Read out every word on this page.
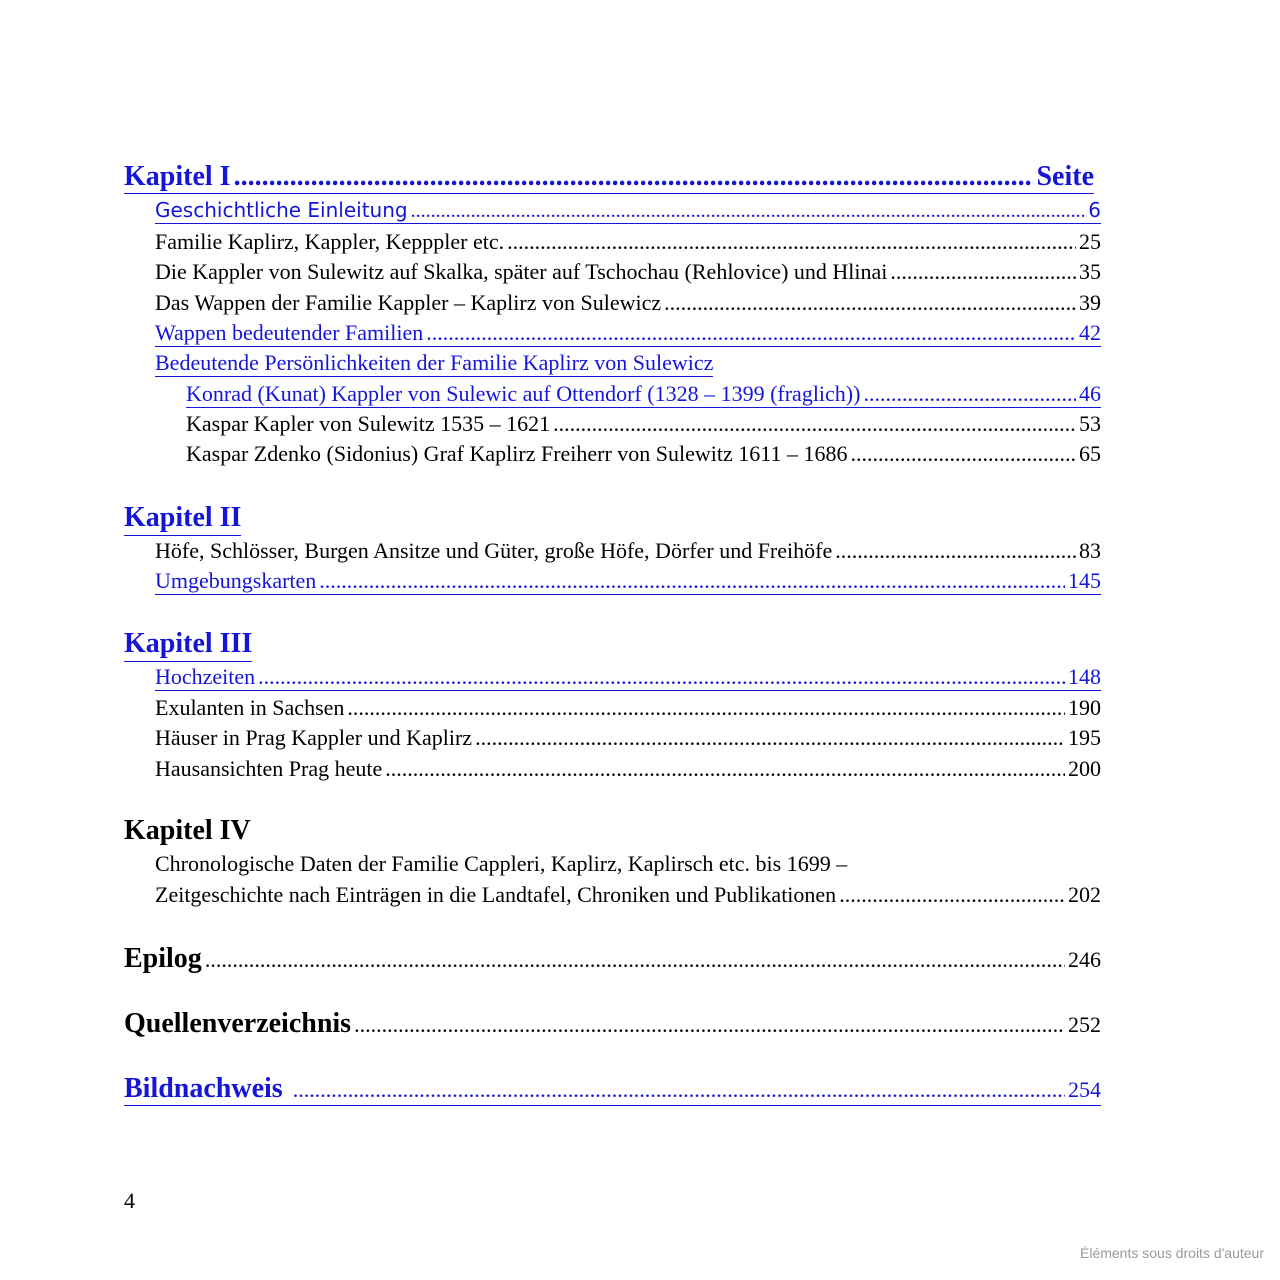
Kapitel I .....	Seite
Geschichtliche Einleitung .....	6
Familie Kaplirz, Kappler, Kepppler etc. .....	25
Die Kappler von Sulewitz auf Skalka, später auf Tschochau (Rehlovice) und Hlinai .....	35
Das Wappen der Familie Kappler – Kaplirz von Sulewicz .....	39
Wappen bedeutender Familien .....	42
Bedeutende Persönlichkeiten der Familie Kaplirz von Sulewicz
Konrad (Kunat) Kappler von Sulewic auf Ottendorf (1328 – 1399 (fraglich)) .....	46
Kaspar Kapler von Sulewitz 1535 – 1621 .....	53
Kaspar Zdenko (Sidonius) Graf Kaplirz Freiherr von Sulewitz 1611 – 1686 .....	65
Kapitel II
Höfe, Schlösser, Burgen Ansitze und Güter, große Höfe, Dörfer und Freihöfe .....	83
Umgebungskarten .....	145
Kapitel III
Hochzeiten .....	148
Exulanten in Sachsen .....	190
Häuser in Prag Kappler und Kaplirz .....	195
Hausansichten Prag heute .....	200
Kapitel IV
Chronologische Daten der Familie Cappleri, Kaplirz, Kaplirsch etc. bis 1699 –
Zeitgeschichte nach Einträgen in die Landtafel, Chroniken und Publikationen .....	202
Epilog .....	246
Quellenverzeichnis .....	252
Bildnachweis .....	254
4
Éléments sous droits d'auteur
